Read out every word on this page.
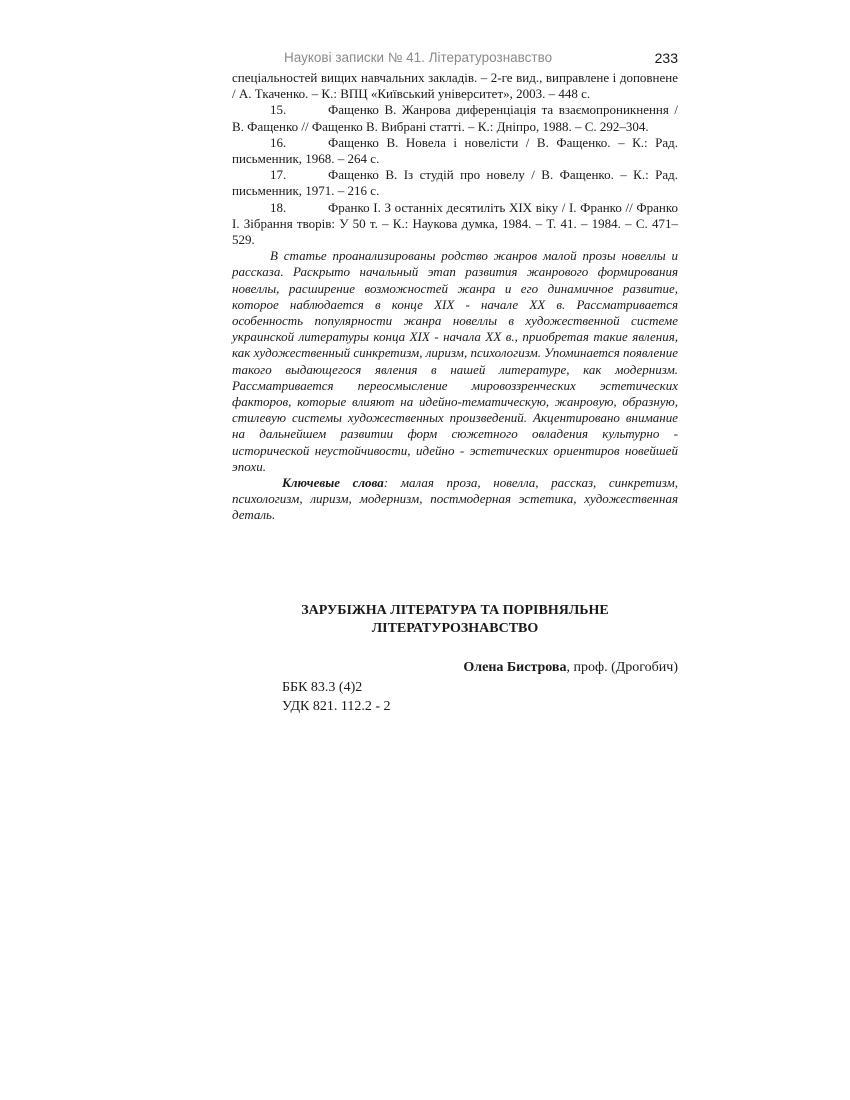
Наукові записки № 41. Літературознавство	233

спеціальностей вищих навчальних закладів. – 2-ге вид., виправлене і доповнене / А. Ткаченко. – К.: ВПЦ «Київський університет», 2003. – 448 с.

15.	Фащенко В. Жанрова диференціація та взаємопроникнення / В. Фащенко // Фащенко В. Вибрані статті. – К.: Дніпро, 1988. – С. 292–304.

16.	Фащенко В. Новела і новелісти / В. Фащенко. – К.: Рад. письменник, 1968. – 264 с.

17.	Фащенко В. Із студій про новелу / В. Фащенко. – К.: Рад. письменник, 1971. – 216 с.

18.	Франко І. З останніх десятиліть XIX віку / І. Франко // Франко І. Зібрання творів: У 50 т. – К.: Наукова думка, 1984. – Т. 41. – 1984. – С. 471–529.

В статье проанализированы родство жанров малой прозы новеллы и рассказа. Раскрыто начальный этап развития жанрового формирования новеллы, расширение возможностей жанра и его динамичное развитие, которое наблюдается в конце XIX - начале XX в. Рассматривается особенность популярности жанра новеллы в художественной системе украинской литературы конца XIX - начала XX в., приобретая такие явления, как художественный синкретизм, лиризм, психологизм. Упоминается появление такого выдающегося явления в нашей литературе, как модернизм. Рассматривается переосмысление мировоззренческих эстетических факторов, которые влияют на идейно-тематическую, жанровую, образную, стилевую системы художественных произведений. Акцентировано внимание на дальнейшем развитии форм сюжетного овладения культурно - исторической неустойчивости, идейно - эстетических ориентиров новейшей эпохи.

Ключевые слова: малая проза, новелла, рассказ, синкретизм, психологизм, лиризм, модернизм, постмодерная эстетика, художественная деталь.

ЗАРУБІЖНА ЛІТЕРАТУРА ТА ПОРІВНЯЛЬНЕ
ЛІТЕРАТУРОЗНАВСТВО
Олена Бистрова, проф. (Дрогобич)
ББК 83.3 (4)2
УДК 821. 112.2 - 2
